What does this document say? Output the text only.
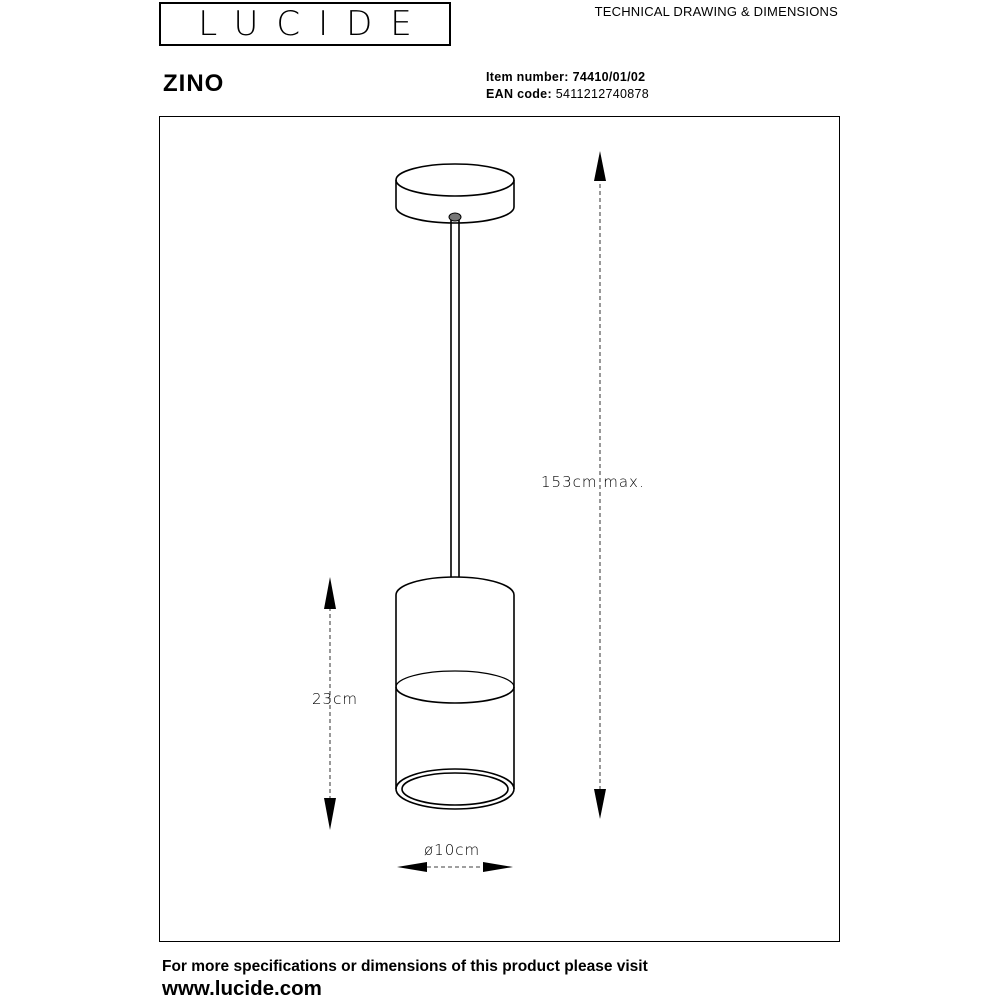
LUCIDE	TECHNICAL DRAWING & DIMENSIONS
ZINO	Item number: 74410/01/02
EAN code: 5411212740878
153cm max.
23cm
ø10cm
For more specifications or dimensions of this product please visit
www.lucide.com
